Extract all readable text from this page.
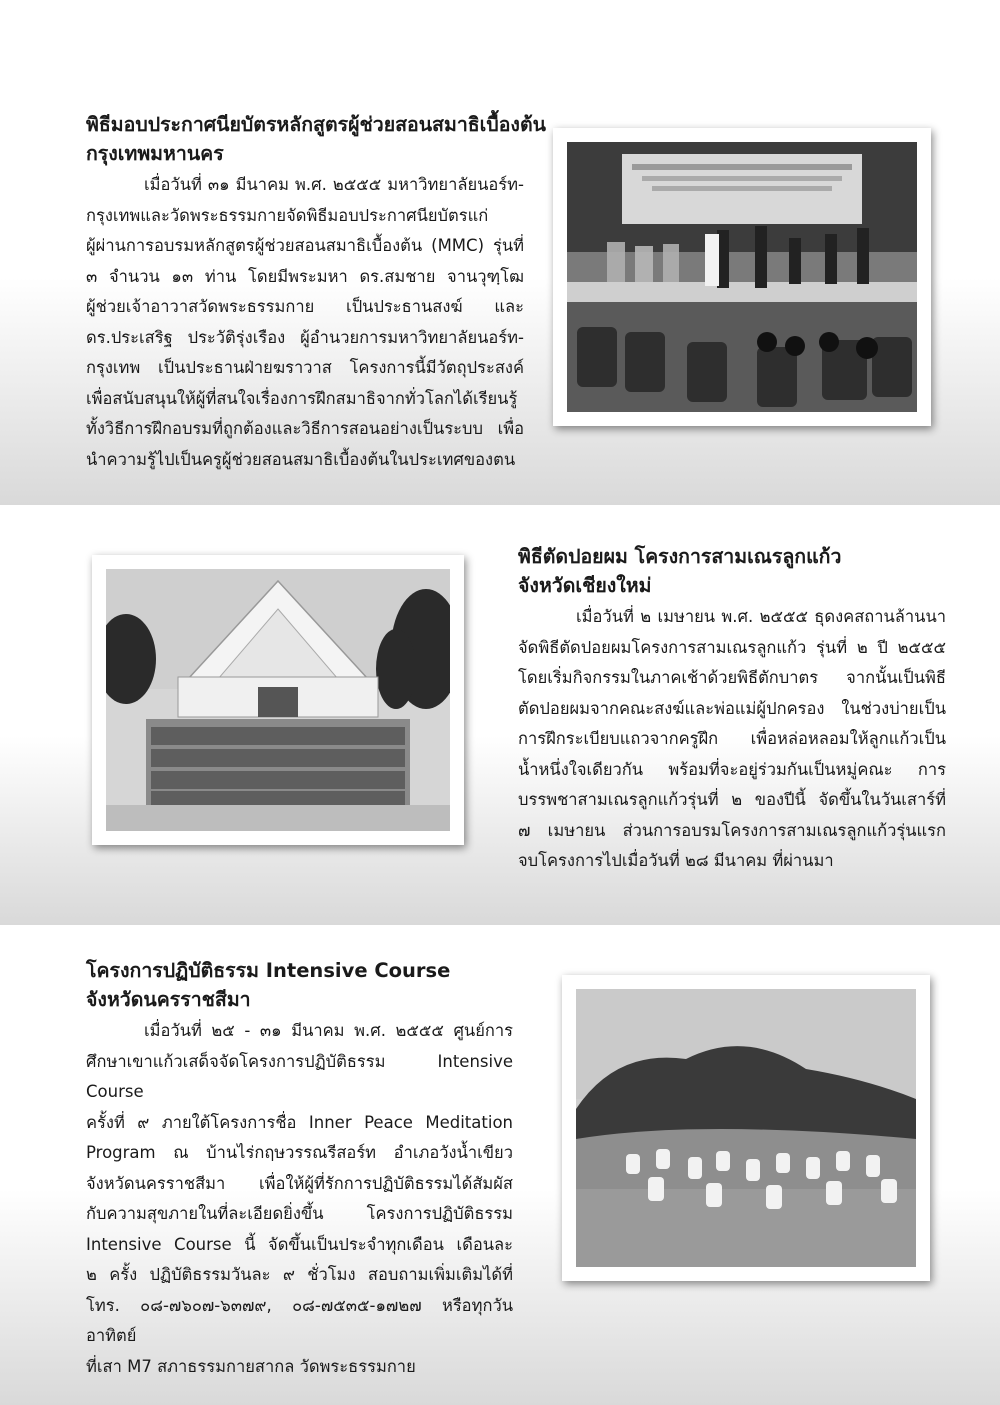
พิธีมอบประกาศนียบัตรหลักสูตรผู้ช่วยสอนสมาธิเบื้องต้น

กรุงเทพมหานคร

เมื่อวันที่ ๓๑ มีนาคม พ.ศ. ๒๕๕๕ มหาวิทยาลัยนอร์ท-

กรุงเทพและวัดพระธรรมกายจัดพิธีมอบประกาศนียบัตรแก่

ผู้ผ่านการอบรมหลักสูตรผู้ช่วยสอนสมาธิเบื้องต้น (MMC) รุ่นที่

๓ จำนวน ๑๓ ท่าน โดยมีพระมหา ดร.สมชาย จานวุฑฺโฒ

ผู้ช่วยเจ้าอาวาสวัดพระธรรมกาย เป็นประธานสงฆ์ และ

ดร.ประเสริฐ ประวัติรุ่งเรือง ผู้อำนวยการมหาวิทยาลัยนอร์ท-

กรุงเทพ เป็นประธานฝ่ายฆราวาส โครงการนี้มีวัตถุประสงค์

เพื่อสนับสนุนให้ผู้ที่สนใจเรื่องการฝึกสมาธิจากทั่วโลกได้เรียนรู้

ทั้งวิธีการฝึกอบรมที่ถูกต้องและวิธีการสอนอย่างเป็นระบบ เพื่อ

นำความรู้ไปเป็นครูผู้ช่วยสอนสมาธิเบื้องต้นในประเทศของตน

พิธีตัดปอยผม โครงการสามเณรลูกแก้ว

จังหวัดเชียงใหม่

เมื่อวันที่ ๒ เมษายน พ.ศ. ๒๕๕๕ ธุดงคสถานล้านนา

จัดพิธีตัดปอยผมโครงการสามเณรลูกแก้ว รุ่นที่ ๒ ปี ๒๕๕๕

โดยเริ่มกิจกรรมในภาคเช้าด้วยพิธีตักบาตร จากนั้นเป็นพิธี

ตัดปอยผมจากคณะสงฆ์และพ่อแม่ผู้ปกครอง ในช่วงบ่ายเป็น

การฝึกระเบียบแถวจากครูฝึก เพื่อหล่อหลอมให้ลูกแก้วเป็น

น้ำหนึ่งใจเดียวกัน พร้อมที่จะอยู่ร่วมกันเป็นหมู่คณะ การ

บรรพชาสามเณรลูกแก้วรุ่นที่ ๒ ของปีนี้ จัดขึ้นในวันเสาร์ที่

๗ เมษายน ส่วนการอบรมโครงการสามเณรลูกแก้วรุ่นแรก

จบโครงการไปเมื่อวันที่ ๒๘ มีนาคม ที่ผ่านมา

โครงการปฏิบัติธรรม Intensive Course

จังหวัดนครราชสีมา

เมื่อวันที่ ๒๕ - ๓๑ มีนาคม พ.ศ. ๒๕๕๕ ศูนย์การ

ศึกษาเขาแก้วเสด็จจัดโครงการปฏิบัติธรรม Intensive Course

ครั้งที่ ๙ ภายใต้โครงการชื่อ Inner Peace Meditation

Program ณ บ้านไร่กฤษวรรณรีสอร์ท อำเภอวังน้ำเขียว

จังหวัดนครราชสีมา เพื่อให้ผู้ที่รักการปฏิบัติธรรมได้สัมผัส

กับความสุขภายในที่ละเอียดยิ่งขึ้น โครงการปฏิบัติธรรม

Intensive Course นี้ จัดขึ้นเป็นประจำทุกเดือน เดือนละ

๒ ครั้ง ปฏิบัติธรรมวันละ ๙ ชั่วโมง สอบถามเพิ่มเติมได้ที่

โทร. ๐๘-๗๖๐๗-๖๓๗๙, ๐๘-๗๕๓๕-๑๗๒๗ หรือทุกวันอาทิตย์

ที่เสา M7 สภาธรรมกายสากล วัดพระธรรมกาย
